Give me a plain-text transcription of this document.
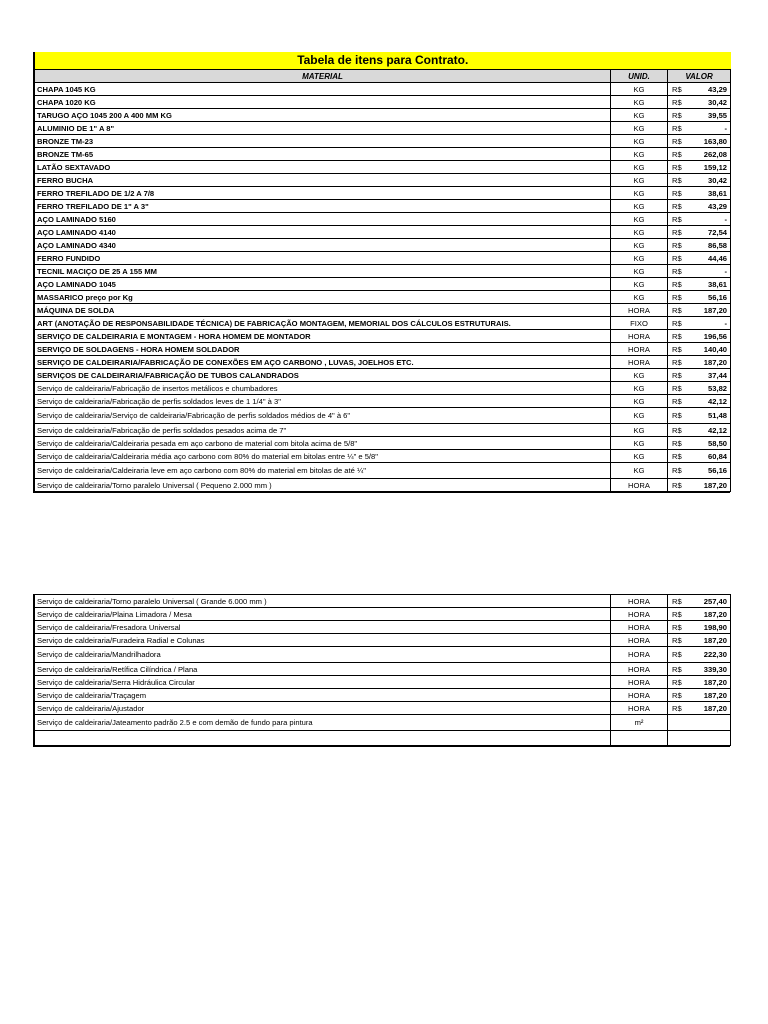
Tabela de itens para Contrato.			
MATERIAL	UNID.	VALOR	
CHAPA 1045 KG	KG	R$	43,29
CHAPA 1020 KG	KG	R$	30,42
TARUGO AÇO 1045 200 A 400 MM KG	KG	R$	39,55
ALUMINIO DE 1" A 8"	KG	R$	-
BRONZE TM-23	KG	R$	163,80
BRONZE TM-65	KG	R$	262,08
LATÃO SEXTAVADO	KG	R$	159,12
FERRO BUCHA	KG	R$	30,42
FERRO TREFILADO DE 1/2 A 7/8	KG	R$	38,61
FERRO TREFILADO DE 1" A 3"	KG	R$	43,29
AÇO LAMINADO 5160	KG	R$	-
AÇO LAMINADO 4140	KG	R$	72,54
AÇO LAMINADO 4340	KG	R$	86,58
FERRO FUNDIDO	KG	R$	44,46
TECNIL MACIÇO DE 25 A 155 MM	KG	R$	-
AÇO LAMINADO 1045	KG	R$	38,61
MASSARICO preço por Kg	KG	R$	56,16
MÁQUINA DE SOLDA	HORA	R$	187,20
ART (ANOTAÇÃO DE RESPONSABILIDADE TÉCNICA) DE FABRICAÇÃO MONTAGEM, MEMORIAL DOS CÁLCULOS ESTRUTURAIS.	FIXO	R$	-
SERVIÇO DE CALDEIRARIA E MONTAGEM - HORA HOMEM DE MONTADOR	HORA	R$	196,56
SERVIÇO DE SOLDAGENS - HORA HOMEM SOLDADOR	HORA	R$	140,40
SERVIÇO DE CALDEIRARIA/FABRICAÇÃO DE CONEXÕES EM AÇO CARBONO , LUVAS, JOELHOS ETC.	HORA	R$	187,20
SERVIÇOS DE CALDEIRARIA/FABRICAÇÃO DE TUBOS CALANDRADOS	KG	R$	37,44
Serviço de caldeiraria/Fabricação de insertos metálicos e chumbadores	KG	R$	53,82
Serviço de caldeiraria/Fabricação de perfis soldados leves de 1 1/4" à 3"	KG	R$	42,12
Serviço de caldeiraria/Serviço de caldeiraria/Fabricação de perfis soldados médios de 4" à 6"	KG	R$	51,48
Serviço de caldeiraria/Fabricação de perfis soldados pesados acima de 7"	KG	R$	42,12
Serviço de caldeiraria/Caldeiraria pesada em aço carbono de material com bitola acima de 5/8"	KG	R$	58,50
Serviço de caldeiraria/Caldeiraria média aço carbono com 80% do material em bitolas entre ¼" e 5/8"	KG	R$	60,84
Serviço de caldeiraria/Caldeiraria leve em aço carbono com 80% do material em bitolas de até ¼"	KG	R$	56,16
Serviço de caldeiraria/Torno paralelo Universal ( Pequeno 2.000 mm )	HORA	R$	187,20
Serviço de caldeiraria/Torno paralelo Universal ( Grande 6.000 mm )	HORA	R$	257,40
Serviço de caldeiraria/Plaina Limadora / Mesa	HORA	R$	187,20
Serviço de caldeiraria/Fresadora Universal	HORA	R$	198,90
Serviço de caldeiraria/Furadeira Radial e Colunas	HORA	R$	187,20
Serviço de caldeiraria/Mandrilhadora	HORA	R$	222,30
Serviço de caldeiraria/Retífica Cilíndrica / Plana	HORA	R$	339,30
Serviço de caldeiraria/Serra Hidráulica Circular	HORA	R$	187,20
Serviço de caldeiraria/Traçagem	HORA	R$	187,20
Serviço de caldeiraria/Ajustador	HORA	R$	187,20
Serviço de caldeiraria/Jateamento padrão 2.5 e com demão de fundo para pintura	m²		
